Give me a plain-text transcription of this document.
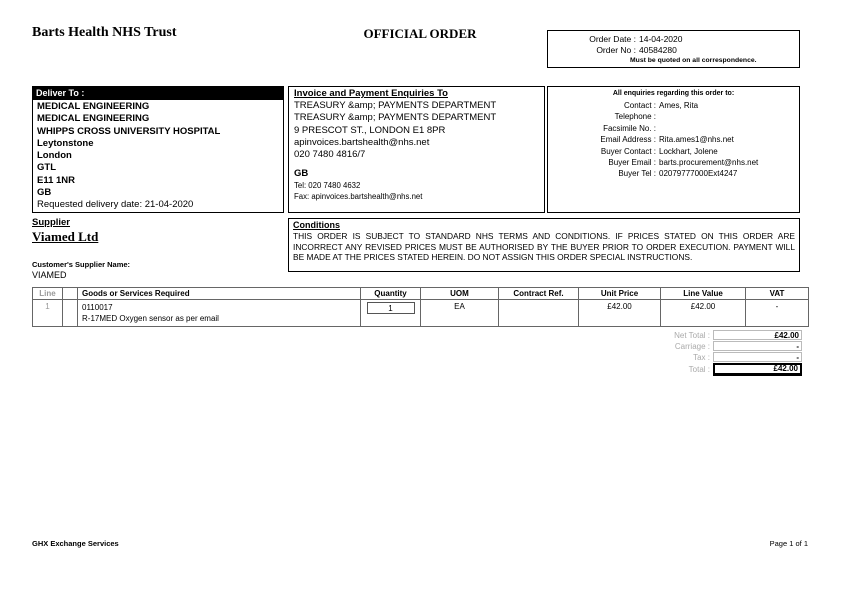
Barts Health NHS Trust	OFFICIAL ORDER	Order Date : 14-04-2020
Order No : 40584280
Must be quoted on all correspondence.
Deliver To :
MEDICAL ENGINEERING
MEDICAL ENGINEERING
WHIPPS CROSS UNIVERSITY HOSPITAL
Leytonstone
London
GTL
E11 1NR
GB
Requested delivery date: 21-04-2020
Invoice and Payment Enquiries To
TREASURY &amp; PAYMENTS DEPARTMENT
TREASURY &amp; PAYMENTS DEPARTMENT
9 PRESCOT ST., LONDON E1 8PR
apinvoices.bartshealth@nhs.net
020 7480 4816/7
GB
Tel: 020 7480 4632
Fax: apinvoices.bartshealth@nhs.net
All enquiries regarding this order to:
Contact : Ames, Rita
Telephone :
Facsimile No. :
Email Address : Rita.ames1@nhs.net
Buyer Contact : Lockhart, Jolene
Buyer Email : barts.procurement@nhs.net
Buyer Tel : 02079777000Ext4247
Supplier
Viamed Ltd
Customer's Supplier Name:
VIAMED
Conditions
THIS ORDER IS SUBJECT TO STANDARD NHS TERMS AND CONDITIONS. IF PRICES STATED ON THIS ORDER ARE INCORRECT ANY REVISED PRICES MUST BE AUTHORISED BY THE BUYER PRIOR TO ORDER EXECUTION. PAYMENT WILL BE MADE AT THE PRICES STATED HEREIN. DO NOT ASSIGN THIS ORDER SPECIAL INSTRUCTIONS.
Line		Goods or Services Required	Quantity	UOM	Contract Ref.	Unit Price	Line Value	VAT
1		0110017
R-17MED Oxygen sensor as per email	1	EA		£42.00	£42.00	-
Net Total :	£42.00
Carriage :	-
Tax :	-
Total :	£42.00
GHX Exchange Services	Page 1 of 1
